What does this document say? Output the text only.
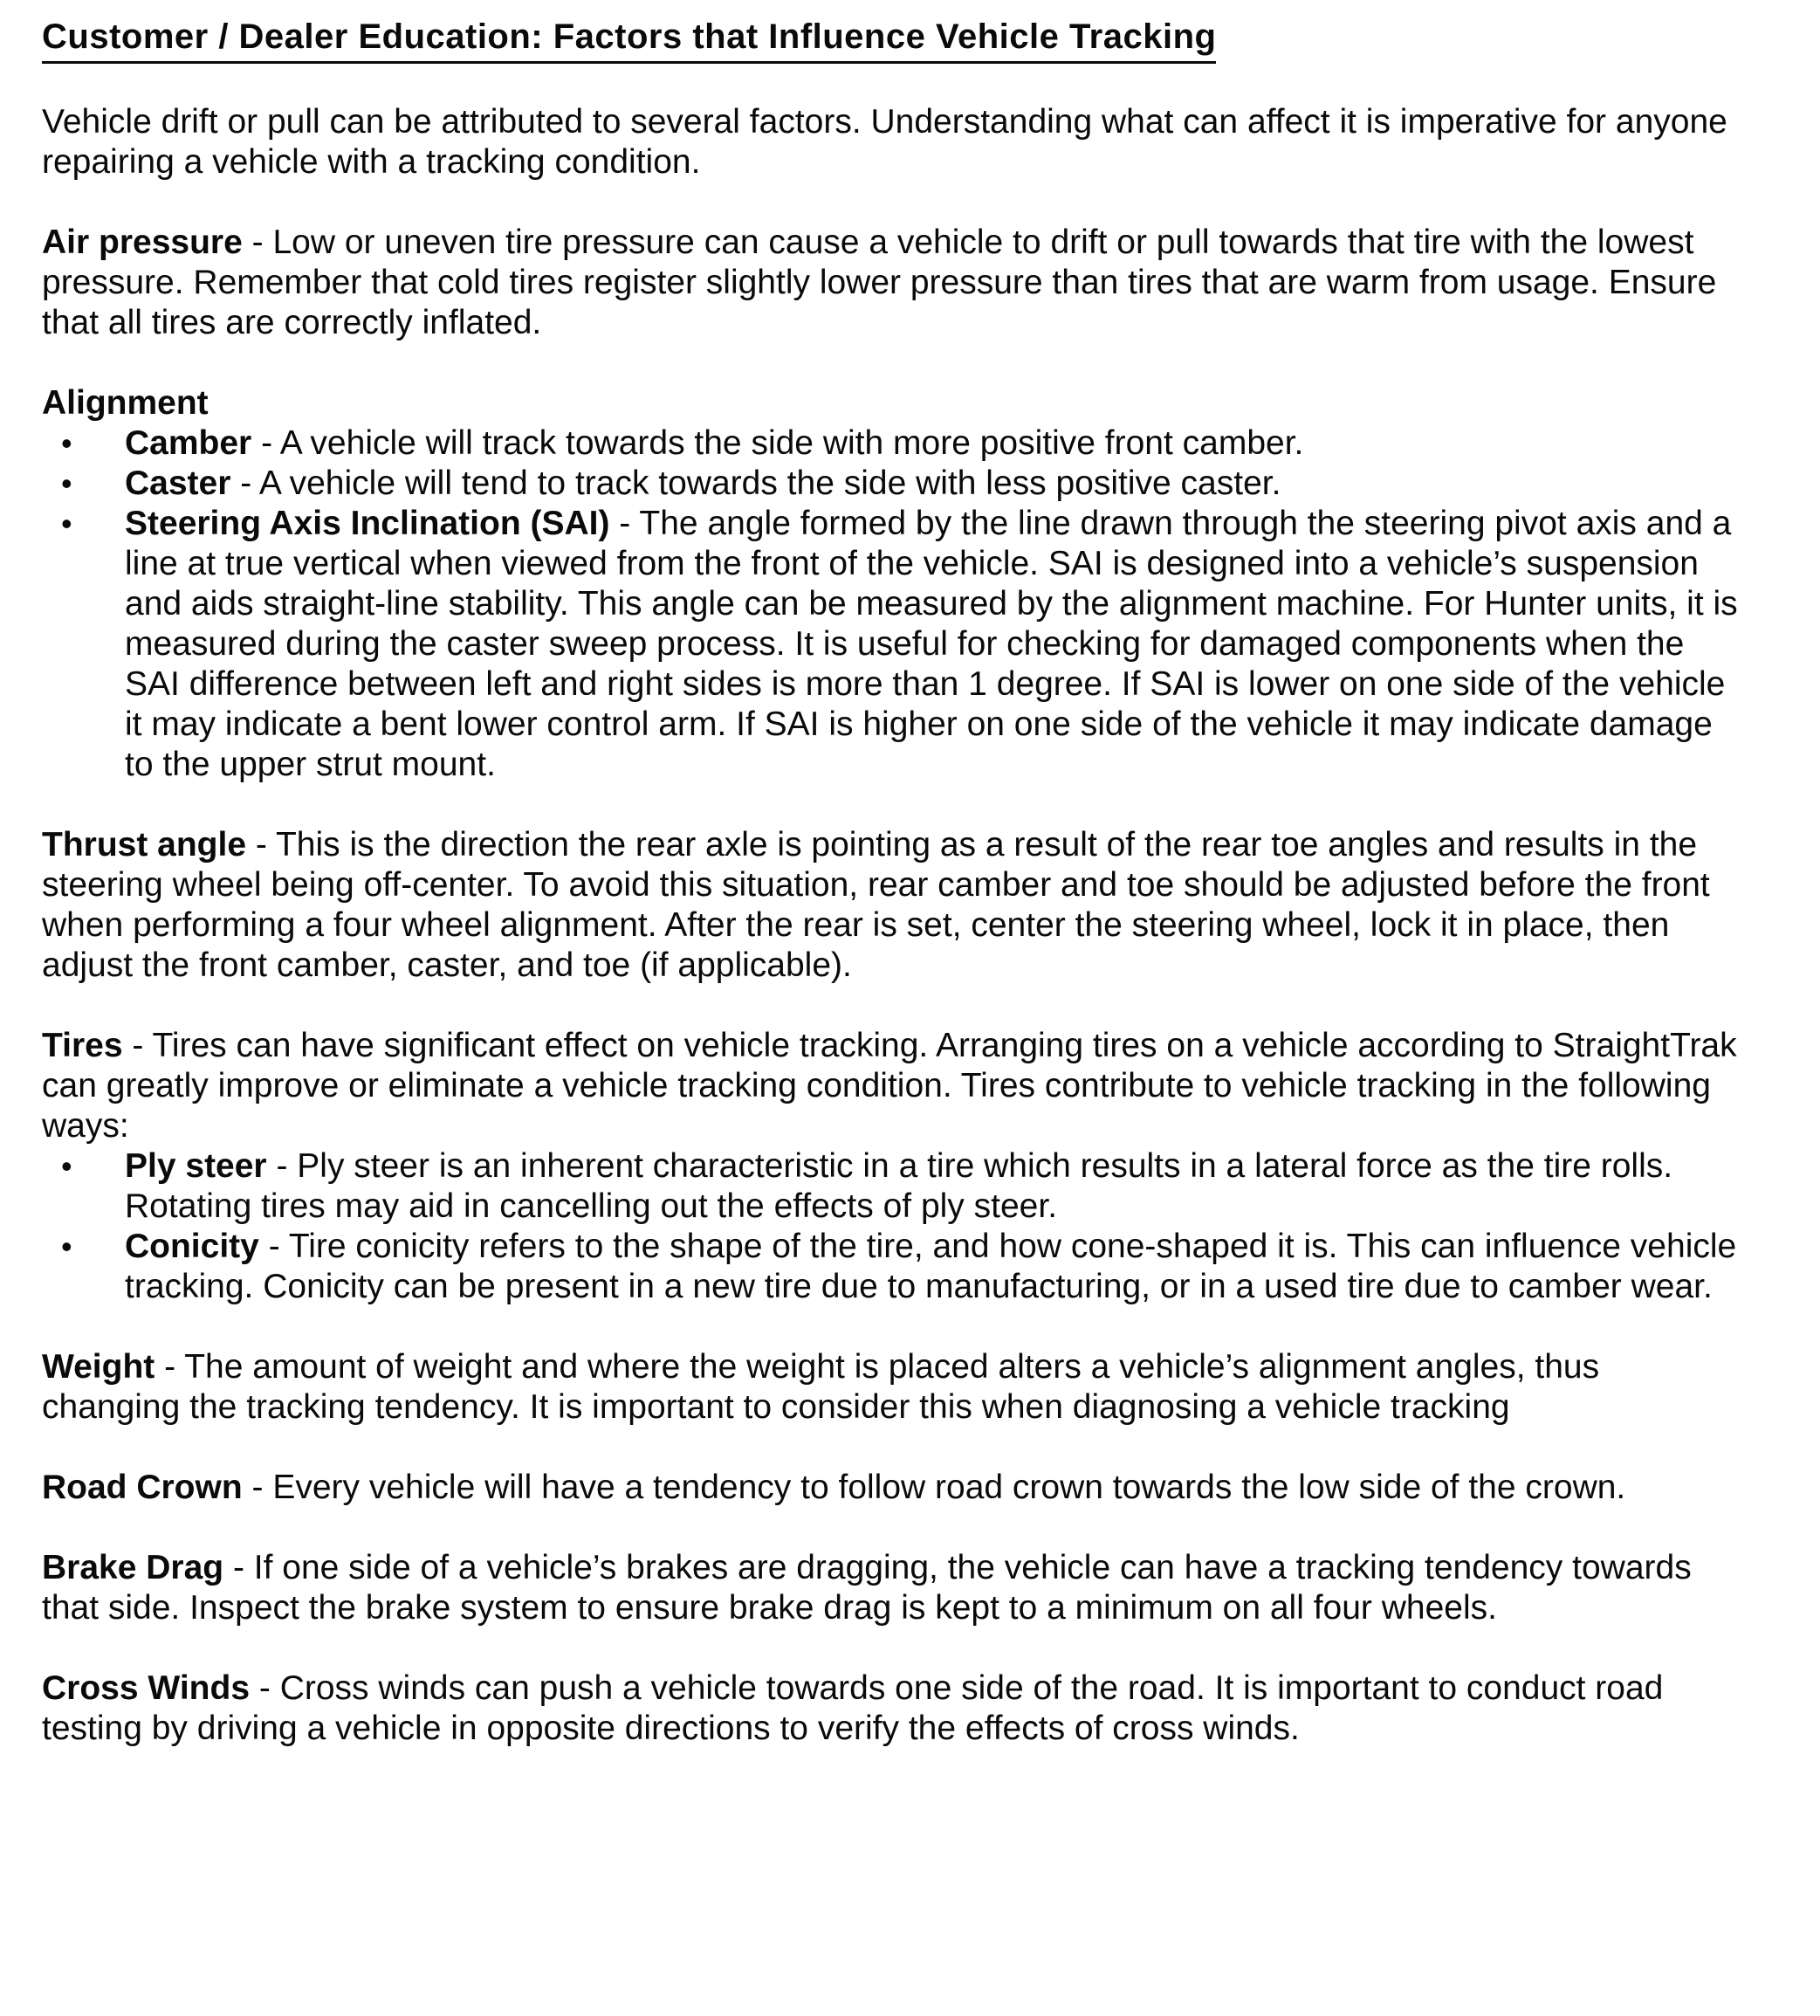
Customer / Dealer Education: Factors that Influence Vehicle Tracking

Vehicle drift or pull can be attributed to several factors. Understanding what can affect it is imperative for anyone repairing a vehicle with a tracking condition.

Air pressure - Low or uneven tire pressure can cause a vehicle to drift or pull towards that tire with the lowest pressure. Remember that cold tires register slightly lower pressure than tires that are warm from usage. Ensure that all tires are correctly inflated.

Alignment
• Camber - A vehicle will track towards the side with more positive front camber.
• Caster - A vehicle will tend to track towards the side with less positive caster.
• Steering Axis Inclination (SAI) - The angle formed by the line drawn through the steering pivot axis and a line at true vertical when viewed from the front of the vehicle. SAI is designed into a vehicle’s suspension and aids straight-line stability. This angle can be measured by the alignment machine. For Hunter units, it is measured during the caster sweep process. It is useful for checking for damaged components when the SAI difference between left and right sides is more than 1 degree. If SAI is lower on one side of the vehicle it may indicate a bent lower control arm. If SAI is higher on one side of the vehicle it may indicate damage to the upper strut mount.

Thrust angle - This is the direction the rear axle is pointing as a result of the rear toe angles and results in the steering wheel being off-center. To avoid this situation, rear camber and toe should be adjusted before the front when performing a four wheel alignment. After the rear is set, center the steering wheel, lock it in place, then adjust the front camber, caster, and toe (if applicable).

Tires - Tires can have significant effect on vehicle tracking. Arranging tires on a vehicle according to StraightTrak can greatly improve or eliminate a vehicle tracking condition. Tires contribute to vehicle tracking in the following ways:

• Ply steer - Ply steer is an inherent characteristic in a tire which results in a lateral force as the tire rolls. Rotating tires may aid in cancelling out the effects of ply steer.
• Conicity - Tire conicity refers to the shape of the tire, and how cone-shaped it is. This can influence vehicle tracking. Conicity can be present in a new tire due to manufacturing, or in a used tire due to camber wear.

Weight - The amount of weight and where the weight is placed alters a vehicle’s alignment angles, thus changing the tracking tendency. It is important to consider this when diagnosing a vehicle tracking

Road Crown - Every vehicle will have a tendency to follow road crown towards the low side of the crown.

Brake Drag - If one side of a vehicle’s brakes are dragging, the vehicle can have a tracking tendency towards that side. Inspect the brake system to ensure brake drag is kept to a minimum on all four wheels.

Cross Winds - Cross winds can push a vehicle towards one side of the road. It is important to conduct road testing by driving a vehicle in opposite directions to verify the effects of cross winds.
